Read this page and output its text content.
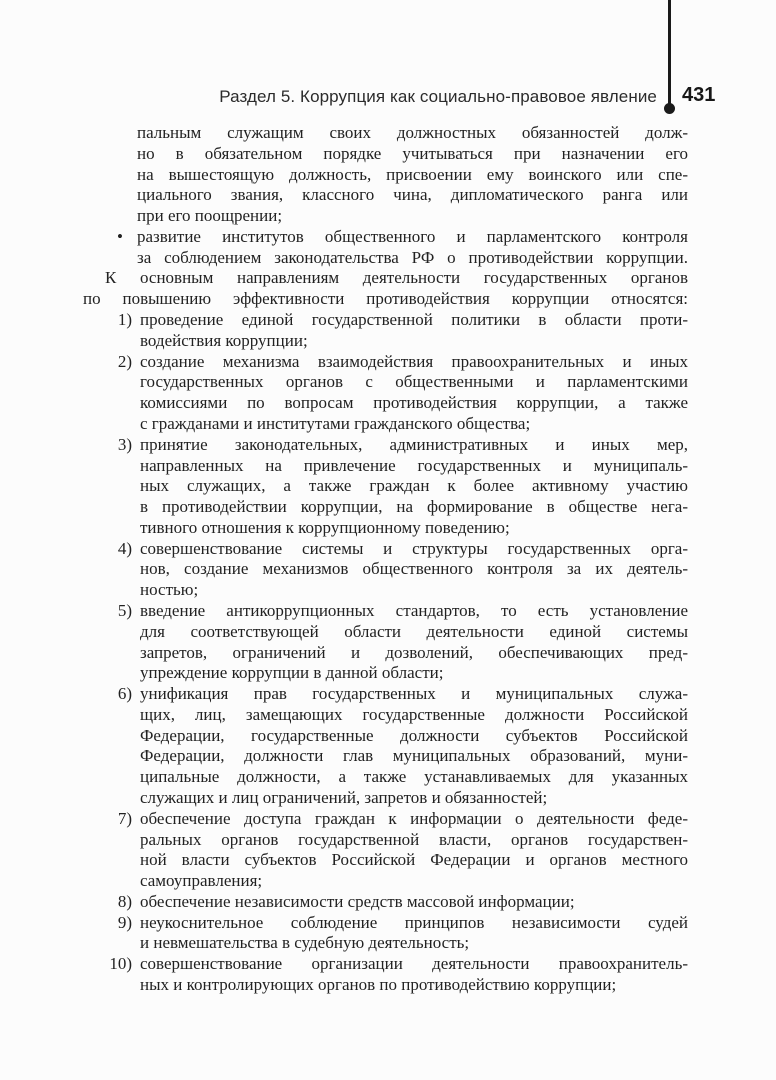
Раздел 5. Коррупция как социально-правовое явление 431
пальным служащим своих должностных обязанностей долж-
но в обязательном порядке учитываться при назначении его
на вышестоящую должность, присвоении ему воинского или спе-
циального звания, классного чина, дипломатического ранга или
при его поощрении;
• развитие институтов общественного и парламентского контроля
за соблюдением законодательства РФ о противодействии коррупции.
К основным направлениям деятельности государственных органов
по повышению эффективности противодействия коррупции относятся:
1) проведение единой государственной политики в области проти-
водействия коррупции;
2) создание механизма взаимодействия правоохранительных и иных
государственных органов с общественными и парламентскими
комиссиями по вопросам противодействия коррупции, а также
с гражданами и институтами гражданского общества;
3) принятие законодательных, административных и иных мер,
направленных на привлечение государственных и муниципаль-
ных служащих, а также граждан к более активному участию
в противодействии коррупции, на формирование в обществе нега-
тивного отношения к коррупционному поведению;
4) совершенствование системы и структуры государственных орга-
нов, создание механизмов общественного контроля за их деятель-
ностью;
5) введение антикоррупционных стандартов, то есть установление
для соответствующей области деятельности единой системы
запретов, ограничений и дозволений, обеспечивающих пред-
упреждение коррупции в данной области;
6) унификация прав государственных и муниципальных служа-
щих, лиц, замещающих государственные должности Российской
Федерации, государственные должности субъектов Российской
Федерации, должности глав муниципальных образований, муни-
ципальные должности, а также устанавливаемых для указанных
служащих и лиц ограничений, запретов и обязанностей;
7) обеспечение доступа граждан к информации о деятельности феде-
ральных органов государственной власти, органов государствен-
ной власти субъектов Российской Федерации и органов местного
самоуправления;
8) обеспечение независимости средств массовой информации;
9) неукоснительное соблюдение принципов независимости судей
и невмешательства в судебную деятельность;
10) совершенствование организации деятельности правоохранитель-
ных и контролирующих органов по противодействию коррупции;
